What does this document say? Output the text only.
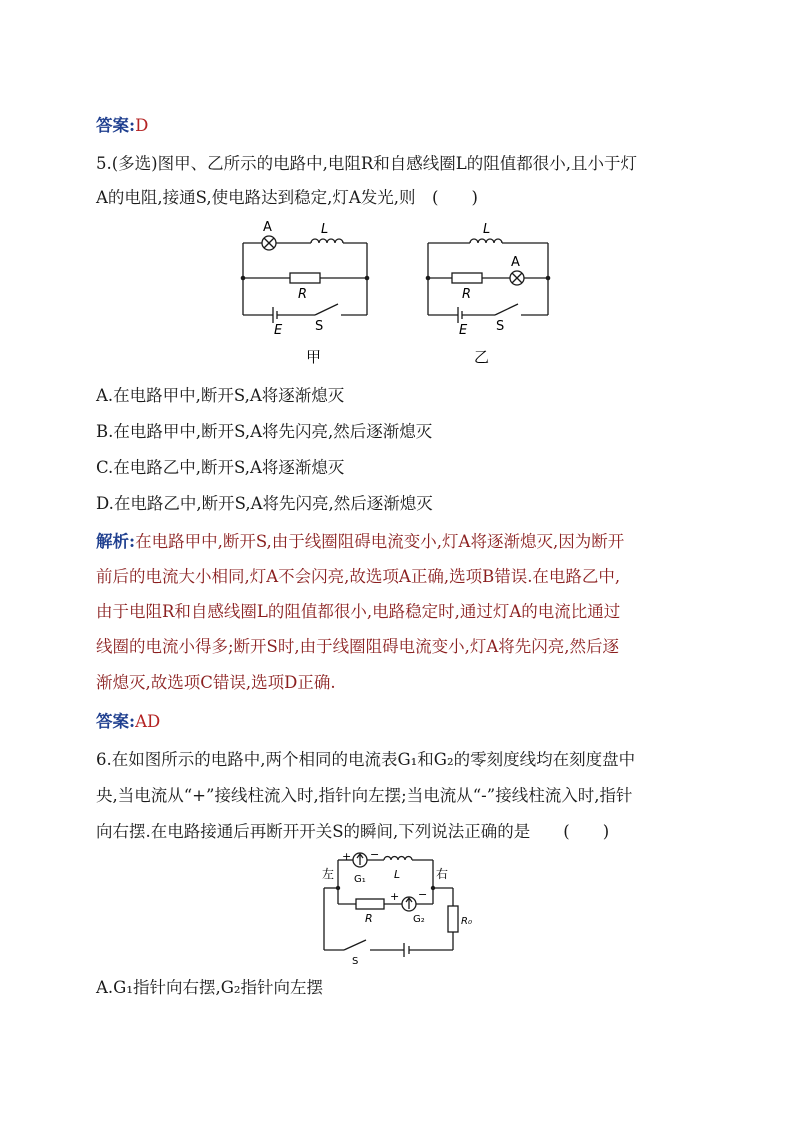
答案:D
5.(多选)图甲、乙所示的电路中,电阻R和自感线圈L的阻值都很小,且小于灯
A的电阻,接通S,使电路达到稳定,灯A发光,则　(　　)
A	L
R
E	S
甲
A
L
R
E S
乙
A.在电路甲中,断开S,A将逐渐熄灭
B.在电路甲中,断开S,A将先闪亮,然后逐渐熄灭
C.在电路乙中,断开S,A将逐渐熄灭
D.在电路乙中,断开S,A将先闪亮,然后逐渐熄灭
解析:在电路甲中,断开S,由于线圈阻碍电流变小,灯A将逐渐熄灭,因为断开
前后的电流大小相同,灯A不会闪亮,故选项A正确,选项B错误.在电路乙中,
由于电阻R和自感线圈L的阻值都很小,电路稳定时,通过灯A的电流比通过
线圈的电流小得多;断开S时,由于线圈阻碍电流变小,灯A将先闪亮,然后逐
渐熄灭,故选项C错误,选项D正确.
答案:AD
6.在如图所示的电路中,两个相同的电流表G₁和G₂的零刻度线均在刻度盘中
央,当电流从“+”接线柱流入时,指针向左摆;当电流从“-”接线柱流入时,指针
向右摆.在电路接通后再断开开关S的瞬间,下列说法正确的是　　(　　)
左	右
+ −
G₁	L
R
+ −
G₂	R₀
S
A.G₁指针向右摆,G₂指针向左摆
